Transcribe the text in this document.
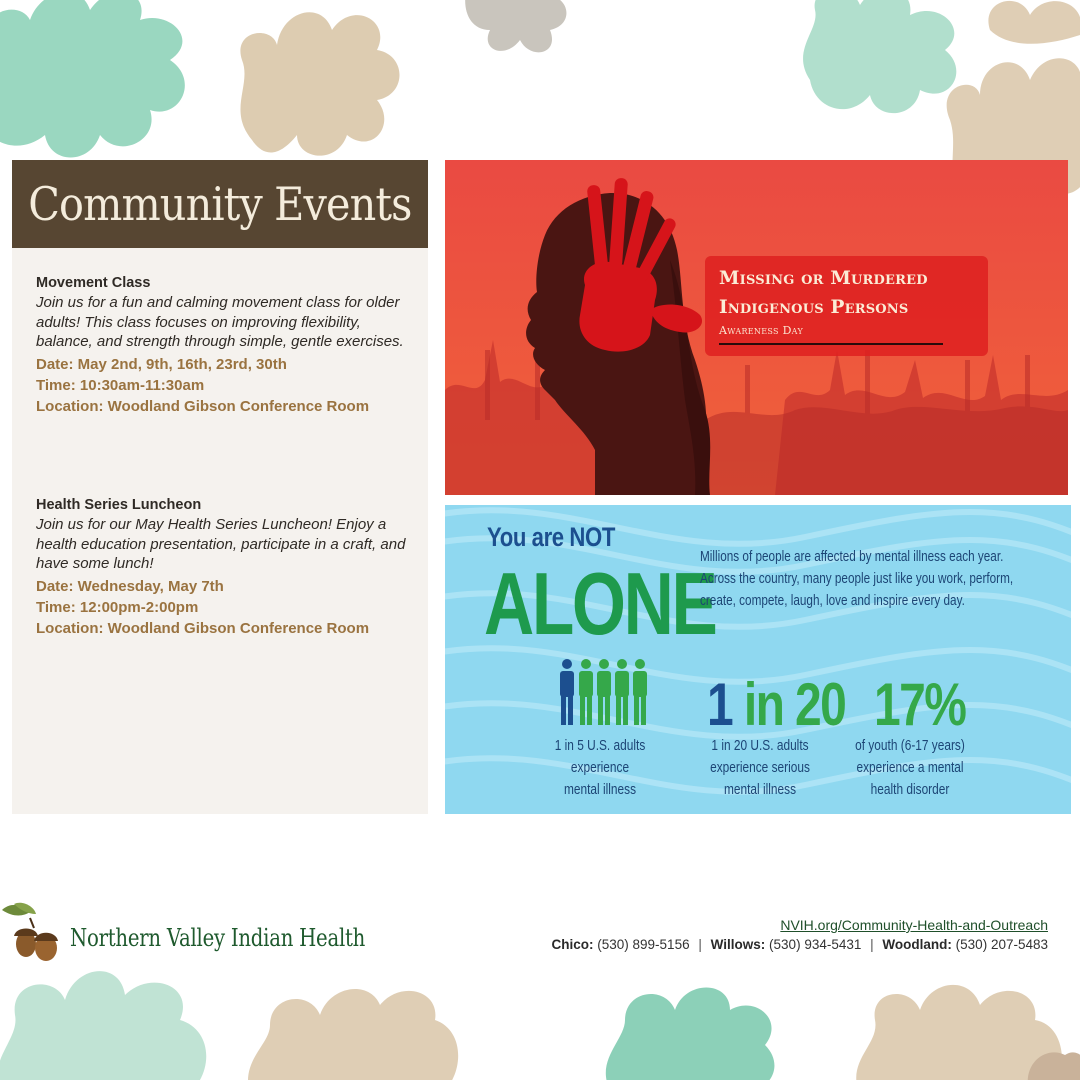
Community Events
Movement Class
Join us for a fun and calming movement class for older adults! This class focuses on improving flexibility, balance, and strength through simple, gentle exercises.
Date: May 2nd, 9th, 16th, 23rd, 30th
Time: 10:30am-11:30am
Location: Woodland Gibson Conference Room
Health Series Luncheon
Join us for our May Health Series Luncheon! Enjoy a health education presentation, participate in a craft, and have some lunch!
Date: Wednesday, May 7th
Time: 12:00pm-2:00pm
Location: Woodland Gibson Conference Room
Missing or Murdered
Indigenous Persons
Awareness Day
You are NOT
ALONE
Millions of people are affected by mental illness each year. Across the country, many people just like you work, perform, create, compete, laugh, love and inspire every day.
1 in 20 17%
1 in 5 U.S. adults
experience
mental illness
1 in 20 U.S. adults
experience serious
mental illness
of youth (6-17 years)
experience a mental
health disorder
Northern Valley Indian Health	NVIH.org/Community-Health-and-Outreach
Chico: (530) 899-5156 | Willows: (530) 934-5431 | Woodland: (530) 207-5483
